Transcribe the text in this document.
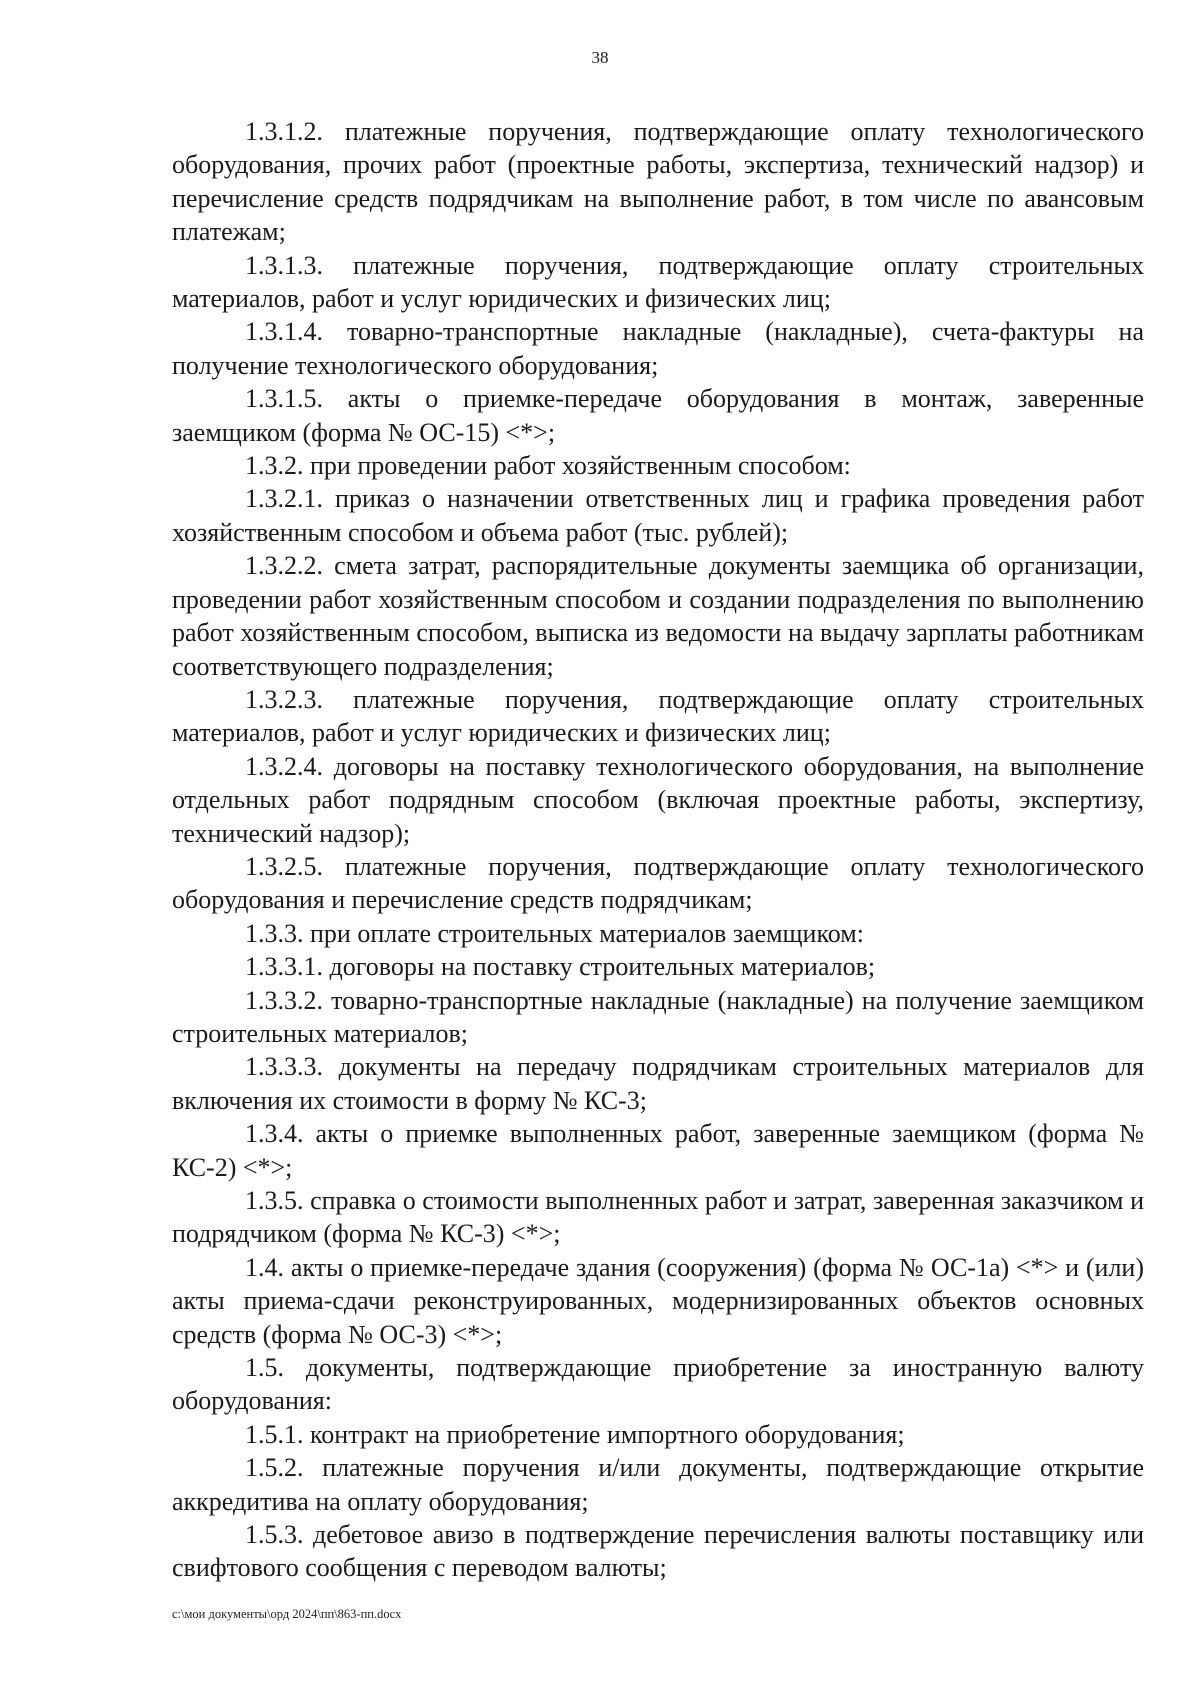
38

1.3.1.2. платежные поручения, подтверждающие оплату технологического оборудования, прочих работ (проектные работы, экспертиза, технический надзор) и перечисление средств подрядчикам на выполнение работ, в том числе по авансовым платежам;

1.3.1.3. платежные поручения, подтверждающие оплату строительных материалов, работ и услуг юридических и физических лиц;

1.3.1.4. товарно-транспортные накладные (накладные), счета-фактуры на получение технологического оборудования;

1.3.1.5. акты о приемке-передаче оборудования в монтаж, заверенные заемщиком (форма № ОС-15) <*>;

1.3.2. при проведении работ хозяйственным способом:

1.3.2.1. приказ о назначении ответственных лиц и графика проведения работ хозяйственным способом и объема работ (тыс. рублей);

1.3.2.2. смета затрат, распорядительные документы заемщика об организации, проведении работ хозяйственным способом и создании подразделения по выполнению работ хозяйственным способом, выписка из ведомости на выдачу зарплаты работникам соответствующего подразделения;

1.3.2.3. платежные поручения, подтверждающие оплату строительных материалов, работ и услуг юридических и физических лиц;

1.3.2.4. договоры на поставку технологического оборудования, на выполнение отдельных работ подрядным способом (включая проектные работы, экспертизу, технический надзор);

1.3.2.5. платежные поручения, подтверждающие оплату технологического оборудования и перечисление средств подрядчикам;

1.3.3. при оплате строительных материалов заемщиком:

1.3.3.1. договоры на поставку строительных материалов;

1.3.3.2. товарно-транспортные накладные (накладные) на получение заемщиком строительных материалов;

1.3.3.3. документы на передачу подрядчикам строительных материалов для включения их стоимости в форму № КС-3;

1.3.4. акты о приемке выполненных работ, заверенные заемщиком (форма № КС-2) <*>;

1.3.5. справка о стоимости выполненных работ и затрат, заверенная заказчиком и подрядчиком (форма № КС-3) <*>;

1.4. акты о приемке-передаче здания (сооружения) (форма № ОС-1а) <*> и (или) акты приема-сдачи реконструированных, модернизированных объектов основных средств (форма № ОС-3) <*>;

1.5. документы, подтверждающие приобретение за иностранную валюту оборудования:

1.5.1. контракт на приобретение импортного оборудования;

1.5.2. платежные поручения и/или документы, подтверждающие открытие аккредитива на оплату оборудования;

1.5.3. дебетовое авизо в подтверждение перечисления валюты поставщику или свифтового сообщения с переводом валюты;

c:\мои документы\орд 2024\пп\863-пп.docx
